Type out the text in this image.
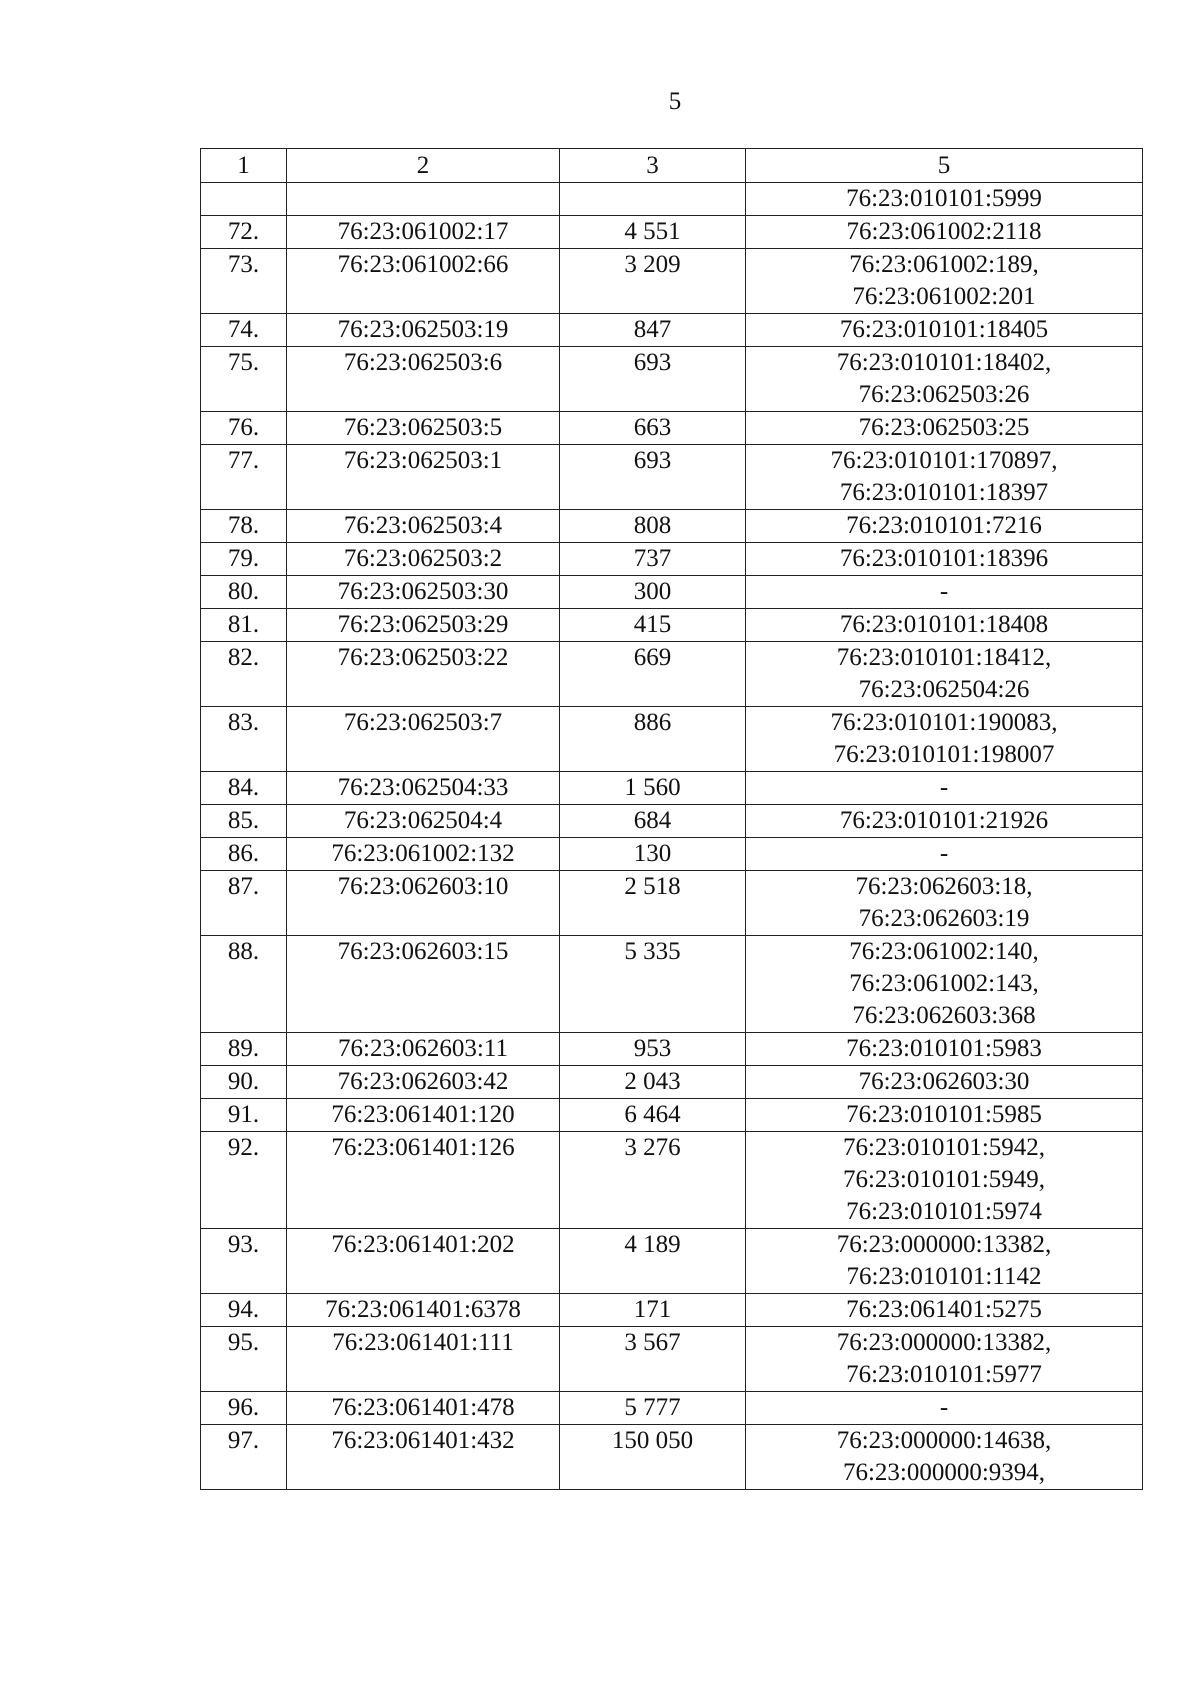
5
1	2	3	5

			76:23:010101:5999

72.	76:23:061002:17	4 551	76:23:061002:2118

73.	76:23:061002:66	3 209	76:23:061002:189,
76:23:061002:201

74.	76:23:062503:19	847	76:23:010101:18405

75.	76:23:062503:6	693	76:23:010101:18402,
76:23:062503:26

76.	76:23:062503:5	663	76:23:062503:25

77.	76:23:062503:1	693	76:23:010101:170897,
76:23:010101:18397

78.	76:23:062503:4	808	76:23:010101:7216

79.	76:23:062503:2	737	76:23:010101:18396

80.	76:23:062503:30	300	-

81.	76:23:062503:29	415	76:23:010101:18408

82.	76:23:062503:22	669	76:23:010101:18412,
76:23:062504:26

83.	76:23:062503:7	886	76:23:010101:190083,
76:23:010101:198007

84.	76:23:062504:33	1 560	-

85.	76:23:062504:4	684	76:23:010101:21926

86.	76:23:061002:132	130	-

87.	76:23:062603:10	2 518	76:23:062603:18,
76:23:062603:19

88.	76:23:062603:15	5 335	76:23:061002:140,
76:23:061002:143,
76:23:062603:368

89.	76:23:062603:11	953	76:23:010101:5983

90.	76:23:062603:42	2 043	76:23:062603:30

91.	76:23:061401:120	6 464	76:23:010101:5985

92.	76:23:061401:126	3 276	76:23:010101:5942,
76:23:010101:5949,
76:23:010101:5974

93.	76:23:061401:202	4 189	76:23:000000:13382,
76:23:010101:1142

94.	76:23:061401:6378	171	76:23:061401:5275

95.	76:23:061401:111	3 567	76:23:000000:13382,
76:23:010101:5977

96.	76:23:061401:478	5 777	-

97.	76:23:061401:432	150 050	76:23:000000:14638,
76:23:000000:9394,
